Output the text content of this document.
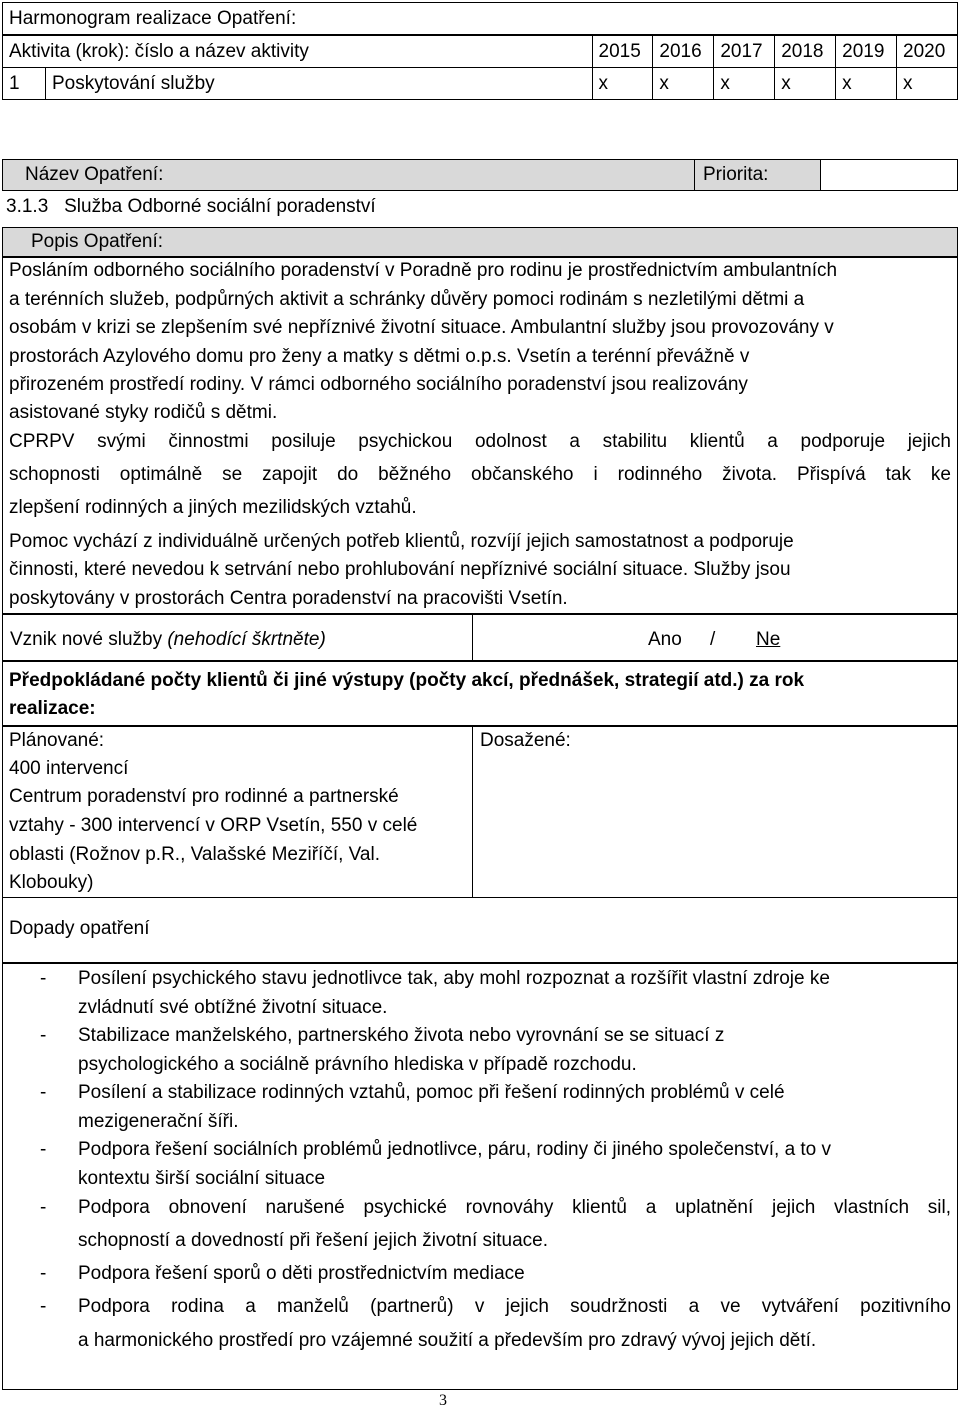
Harmonogram realizace Opatření:							
Aktivita (krok): číslo a název aktivity		2015	2016	2017	2018	2019	2020
1	Poskytování služby	x	x	x	x	x	x
Název Opatření:	Priorita:
3.1.3 Služba Odborné sociální poradenství
Popis Opatření:
Posláním odborného sociálního poradenství v Poradně pro rodinu je prostřednictvím ambulantních
a terénních služeb, podpůrných aktivit a schránky důvěry pomoci rodinám s nezletilými dětmi a
osobám v krizi se zlepšením své nepříznivé životní situace. Ambulantní služby jsou provozovány v
prostorách Azylového domu pro ženy a matky s dětmi o.p.s. Vsetín a terénní převážně v
přirozeném prostředí rodiny. V rámci odborného sociálního poradenství jsou realizovány
asistované styky rodičů s dětmi.
CPRPV svými činnostmi posiluje psychickou odolnost a stabilitu klientů a podporuje jejich
schopnosti optimálně se zapojit do běžného občanského i rodinného života. Přispívá tak ke
zlepšení rodinných a jiných mezilidských vztahů.
Pomoc vychází z individuálně určených potřeb klientů, rozvíjí jejich samostatnost a podporuje
činnosti, které nevedou k setrvání nebo prohlubování nepříznivé sociální situace. Služby jsou
poskytovány v prostorách Centra poradenství na pracovišti Vsetín.
Vznik nové služby (nehodící škrtněte)	Ano / Ne
Předpokládané počty klientů či jiné výstupy (počty akcí, přednášek, strategií atd.) za rok
realizace:
Plánované:	Dosažené:
400 intervencí
Centrum poradenství pro rodinné a partnerské
vztahy - 300 intervencí v ORP Vsetín, 550 v celé
oblasti (Rožnov p.R., Valašské Meziříčí, Val.
Klobouky)
Dopady opatření
- Posílení psychického stavu jednotlivce tak, aby mohl rozpoznat a rozšířit vlastní zdroje ke
zvládnutí své obtížné životní situace.
- Stabilizace manželského, partnerského života nebo vyrovnání se se situací z
psychologického a sociálně právního hlediska v případě rozchodu.
- Posílení a stabilizace rodinných vztahů, pomoc při řešení rodinných problémů v celé
mezigenerační šíři.
- Podpora řešení sociálních problémů jednotlivce, páru, rodiny či jiného společenství, a to v
kontextu širší sociální situace
- Podpora obnovení narušené psychické rovnováhy klientů a uplatnění jejich vlastních sil,
schopností a dovedností při řešení jejich životní situace.
- Podpora řešení sporů o děti prostřednictvím mediace
- Podpora rodina a manželů (partnerů) v jejich soudržnosti a ve vytváření pozitivního
a harmonického prostředí pro vzájemné soužití a především pro zdravý vývoj jejich dětí.
3
